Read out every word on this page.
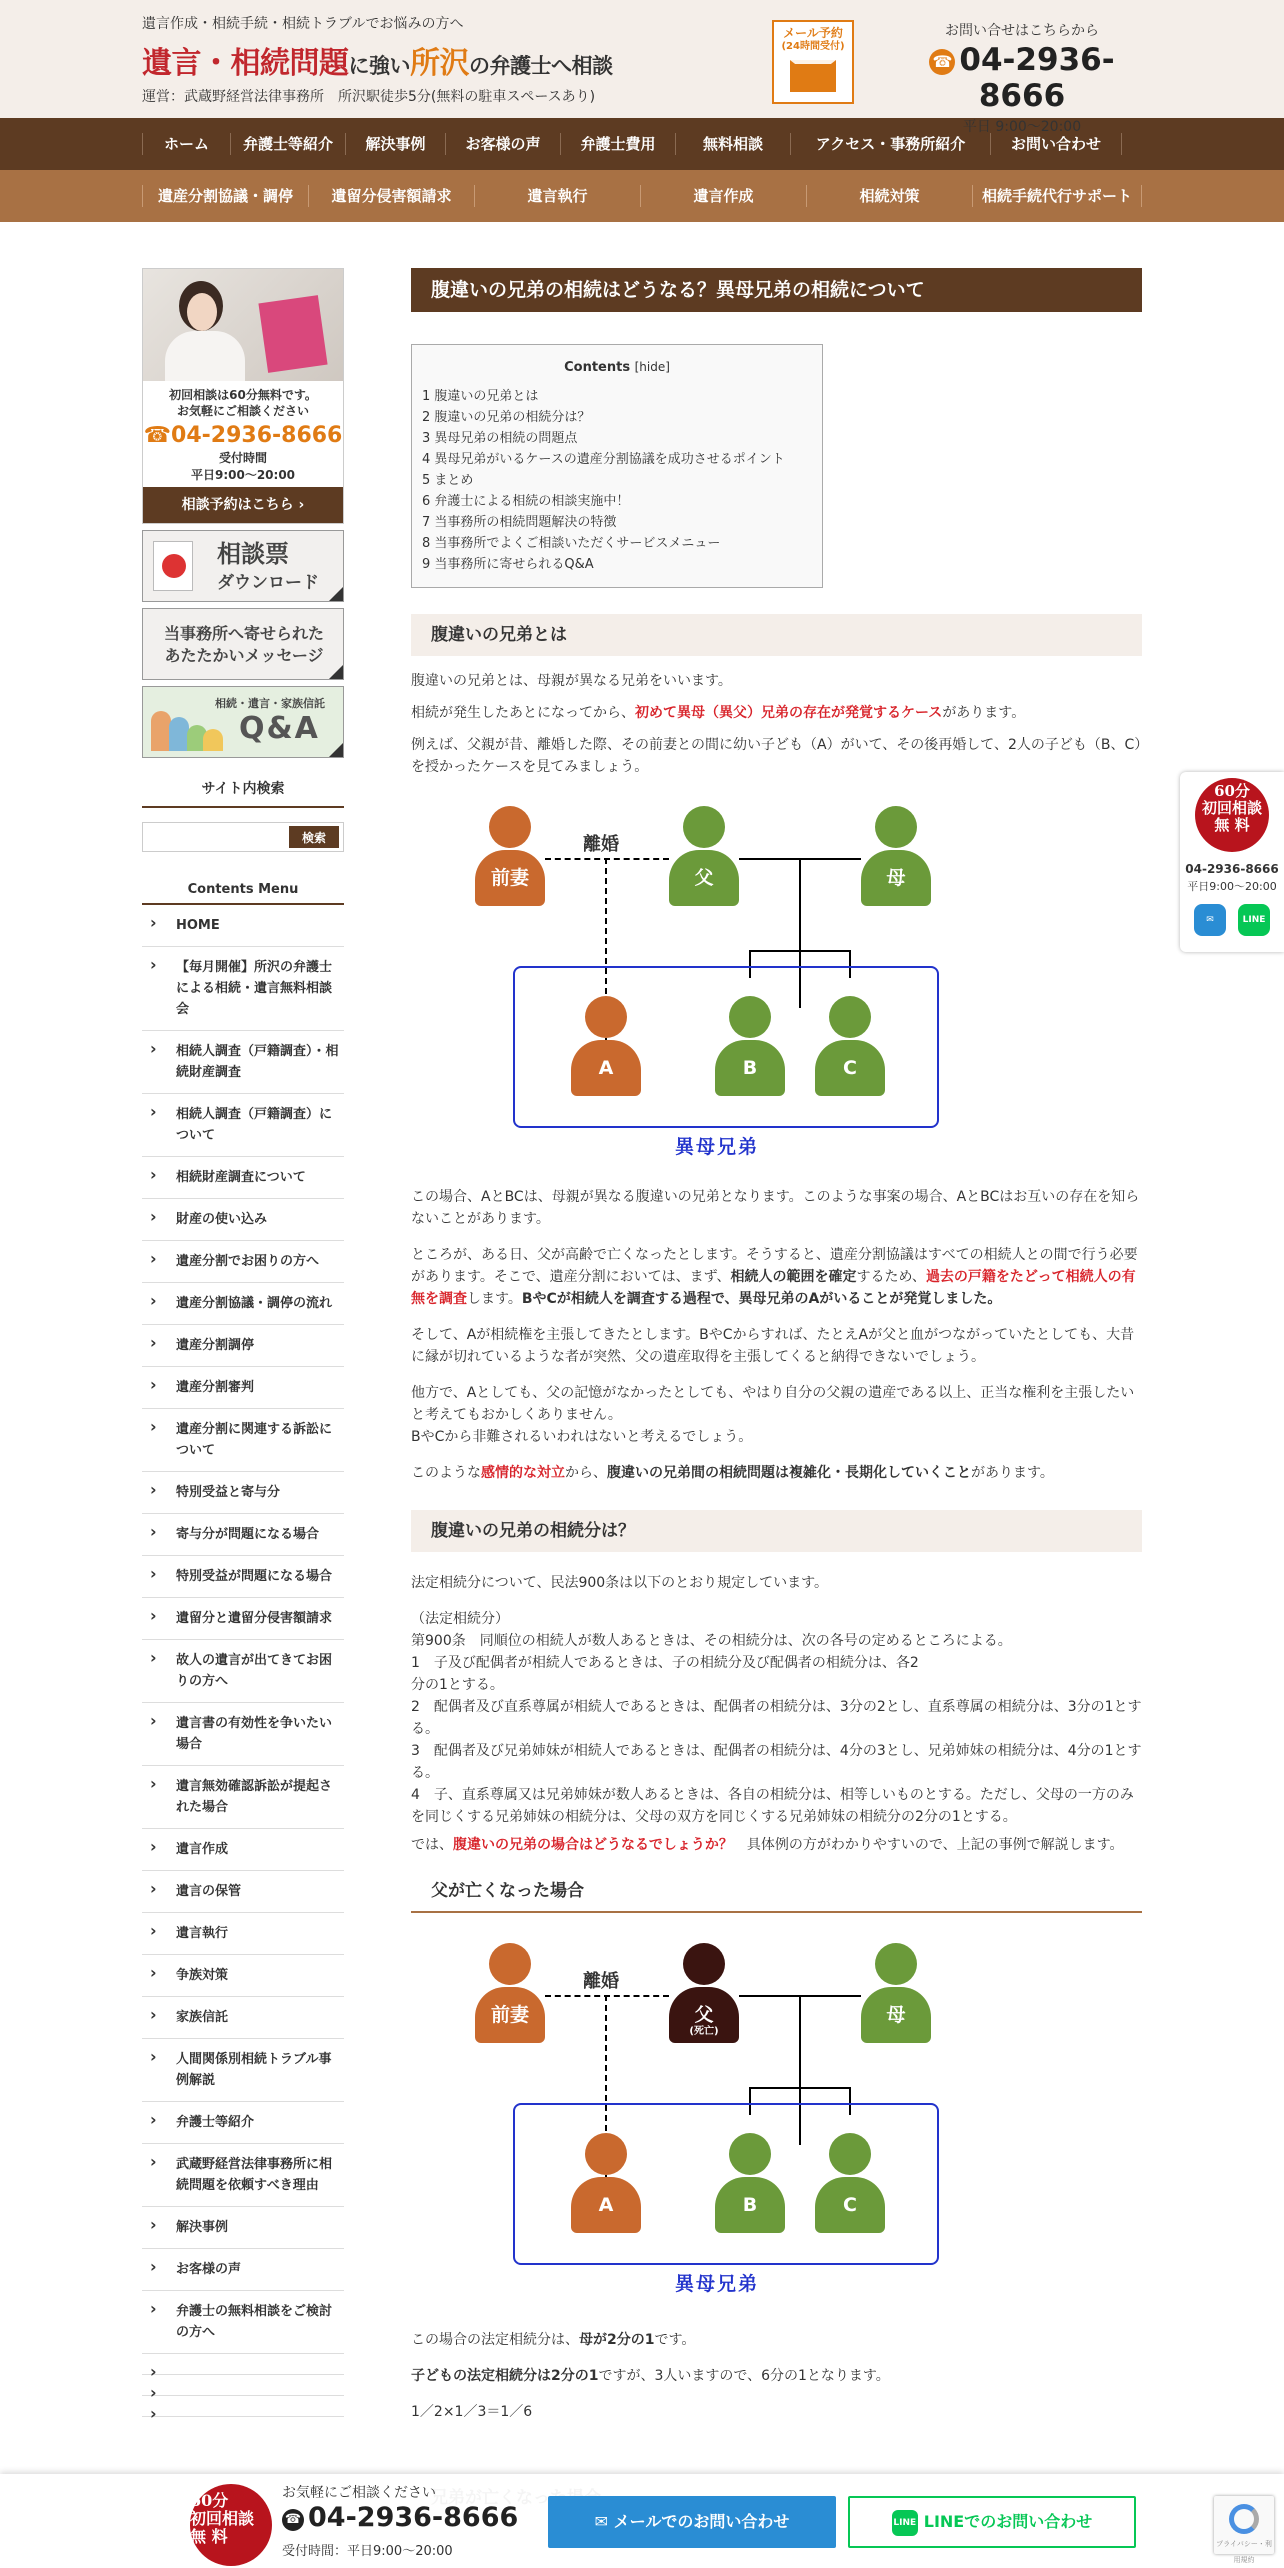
遺言作成・相続手続・相続トラブルでお悩みの方へ
遺言・相続問題に強い所沢の弁護士へ相談
運営：武蔵野経営法律事務所　所沢駅徒歩5分(無料の駐車スペースあり)
メール予約
(24時間受付)
お問い合せはこちらから
☎ 04-2936-8666
平日 9:00〜20:00
ホーム	弁護士等紹介	解決事例	お客様の声	弁護士費用	無料相談	アクセス・事務所紹介	お問い合わせ
遺産分割協議・調停	遺留分侵害額請求	遺言執行	遺言作成	相続対策	相続手続代行サポート
初回相談は60分無料です。
お気軽にご相談ください
☎04-2936-8666
受付時間
平日9:00〜20:00
相談予約はこちら ›
相談票
ダウンロード
当事務所へ寄せられた
あたたかいメッセージ
相続・遺言・家族信託
Q&A
サイト内検索
検索
Contents Menu
› HOME
› 【毎月開催】所沢の弁護士による相続・遺言無料相談会
› 相続人調査（戸籍調査）・相続財産調査
› 相続人調査（戸籍調査）について
› 相続財産調査について
› 財産の使い込み
› 遺産分割でお困りの方へ
› 遺産分割協議・調停の流れ
› 遺産分割調停
› 遺産分割審判
› 遺産分割に関連する訴訟について
› 特別受益と寄与分
› 寄与分が問題になる場合
› 特別受益が問題になる場合
› 遺留分と遺留分侵害額請求
› 故人の遺言が出てきてお困りの方へ
› 遺言書の有効性を争いたい場合
› 遺言無効確認訴訟が提起された場合
› 遺言作成
› 遺言の保管
› 遺言執行
› 争族対策
› 家族信託
› 人間関係別相続トラブル事例解説
› 弁護士等紹介
› 武蔵野経営法律事務所に相続問題を依頼すべき理由
› 解決事例
› お客様の声
› 弁護士の無料相談をご検討の方へ
›
›
›
腹違いの兄弟の相続はどうなる？異母兄弟の相続について
Contents [hide]
1 腹違いの兄弟とは
2 腹違いの兄弟の相続分は？
3 異母兄弟の相続の問題点
4 異母兄弟がいるケースの遺産分割協議を成功させるポイント
5 まとめ
6 弁護士による相続の相談実施中！
7 当事務所の相続問題解決の特徴
8 当事務所でよくご相談いただくサービスメニュー
9 当事務所に寄せられるQ&A
腹違いの兄弟とは

腹違いの兄弟とは、母親が異なる兄弟をいいます。

相続が発生したあとになってから、初めて異母（異父）兄弟の存在が発覚するケースがあります。

例えば、父親が昔、離婚した際、その前妻との間に幼い子ども（A）がいて、その後再婚して、2人の子ども（B、C）を授かったケースを見てみましょう。

前妻	父	母
離婚
A	B	C
異母兄弟

この場合、AとBCは、母親が異なる腹違いの兄弟となります。このような事案の場合、AとBCはお互いの存在を知らないことがあります。

ところが、ある日、父が高齢で亡くなったとします。そうすると、遺産分割協議はすべての相続人との間で行う必要があります。そこで、遺産分割においては、まず、相続人の範囲を確定するため、過去の戸籍をたどって相続人の有無を調査します。BやCが相続人を調査する過程で、異母兄弟のAがいることが発覚しました。

そして、Aが相続権を主張してきたとします。BやCからすれば、たとえAが父と血がつながっていたとしても、大昔に縁が切れているような者が突然、父の遺産取得を主張してくると納得できないでしょう。

他方で、Aとしても、父の記憶がなかったとしても、やはり自分の父親の遺産である以上、正当な権利を主張したいと考えてもおかしくありません。
BやCから非難されるいわれはないと考えるでしょう。

このような感情的な対立から、腹違いの兄弟間の相続問題は複雑化・長期化していくことがあります。

腹違いの兄弟の相続分は？

法定相続分について、民法900条は以下のとおり規定しています。

（法定相続分）
第900条　同順位の相続人が数人あるときは、その相続分は、次の各号の定めるところによる。
1　子及び配偶者が相続人であるときは、子の相続分及び配偶者の相続分は、各2
分の1とする。
2　配偶者及び直系尊属が相続人であるときは、配偶者の相続分は、3分の2とし、直系尊属の相続分は、3分の1とする。
3　配偶者及び兄弟姉妹が相続人であるときは、配偶者の相続分は、4分の3とし、兄弟姉妹の相続分は、4分の1とする。
4　子、直系尊属又は兄弟姉妹が数人あるときは、各自の相続分は、相等しいものとする。ただし、父母の一方のみを同じくする兄弟姉妹の相続分は、父母の双方を同じくする兄弟姉妹の相続分の2分の1とする。

では、腹違いの兄弟の場合はどうなるでしょうか？　具体例の方がわかりやすいので、上記の事例で解説します。

父が亡くなった場合
前妻	父
(死亡)
母
離婚
A	B	C
異母兄弟

この場合の法定相続分は、母が2分の1です。

子どもの法定相続分は2分の1ですが、3人いますので、6分の1となります。

1／2×1／3＝1／6

60分
初回相談
無 料
04-2936-8666
平日9:00〜20:00
✉	LINE
60分
初回相談
無 料
お気軽にご相談ください
☎ 04-2936-8666
受付時間：平日9:00〜20:00
✉ メールでのお問い合わせ	LINE LINEでのお問い合わせ
プライバシー・利用規約
